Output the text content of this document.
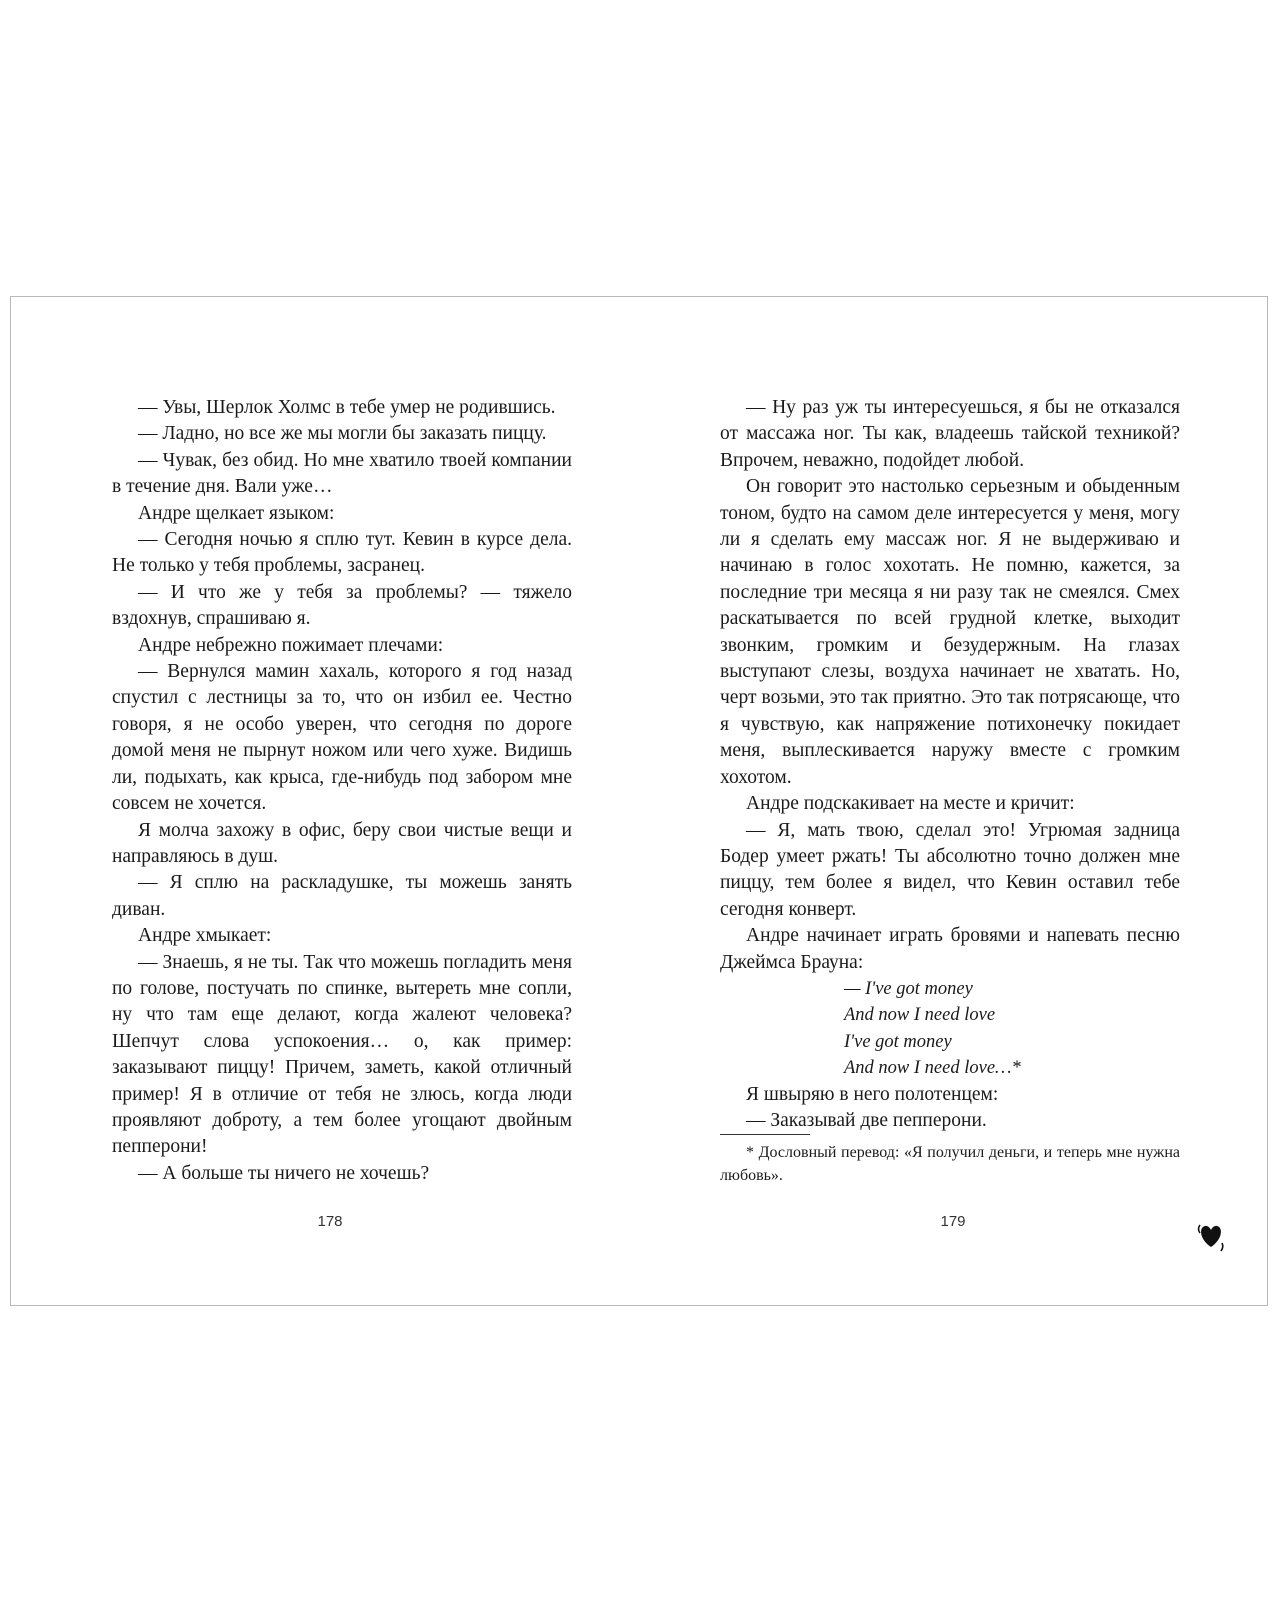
— Увы, Шерлок Холмс в тебе умер не родившись.

— Ладно, но все же мы могли бы заказать пиццу.

— Чувак, без обид. Но мне хватило твоей компании в течение дня. Вали уже…

Андре щелкает языком:

— Сегодня ночью я сплю тут. Кевин в курсе дела. Не только у тебя проблемы, засранец.

— И что же у тебя за проблемы? — тяжело вздохнув, спрашиваю я.

Андре небрежно пожимает плечами:

— Вернулся мамин хахаль, которого я год назад спустил с лестницы за то, что он избил ее. Честно говоря, я не особо уверен, что сегодня по дороге домой меня не пырнут ножом или чего хуже. Видишь ли, подыхать, как крыса, где-нибудь под забором мне совсем не хочется.

Я молча захожу в офис, беру свои чистые вещи и направляюсь в душ.

— Я сплю на раскладушке, ты можешь занять диван.

Андре хмыкает:

— Знаешь, я не ты. Так что можешь погладить меня по голове, постучать по спинке, вытереть мне сопли, ну что там еще делают, когда жалеют человека? Шепчут слова успокоения… о, как пример: заказывают пиццу! Причем, заметь, какой отличный пример! Я в отличие от тебя не злюсь, когда люди проявляют доброту, а тем более угощают двойным пепперони!

— А больше ты ничего не хочешь?

— Ну раз уж ты интересуешься, я бы не отказался от массажа ног. Ты как, владеешь тайской техникой? Впрочем, неважно, подойдет любой.

Он говорит это настолько серьезным и обыденным тоном, будто на самом деле интересуется у меня, могу ли я сделать ему массаж ног. Я не выдерживаю и начинаю в голос хохотать. Не помню, кажется, за последние три месяца я ни разу так не смеялся. Смех раскатывается по всей грудной клетке, выходит звонким, громким и безудержным. На глазах выступают слезы, воздуха начинает не хватать. Но, черт возьми, это так приятно. Это так потрясающе, что я чувствую, как напряжение потихонечку покидает меня, выплескивается наружу вместе с громким хохотом.

Андре подскакивает на месте и кричит:

— Я, мать твою, сделал это! Угрюмая задница Бодер умеет ржать! Ты абсолютно точно должен мне пиццу, тем более я видел, что Кевин оставил тебе сегодня конверт.

Андре начинает играть бровями и напевать песню Джеймса Брауна:

— I've got money
And now I need love
I've got money
And now I need love…*

Я швыряю в него полотенцем:

— Заказывай две пепперони.

* Дословный перевод: «Я получил деньги, и теперь мне нужна любовь».

178	179
